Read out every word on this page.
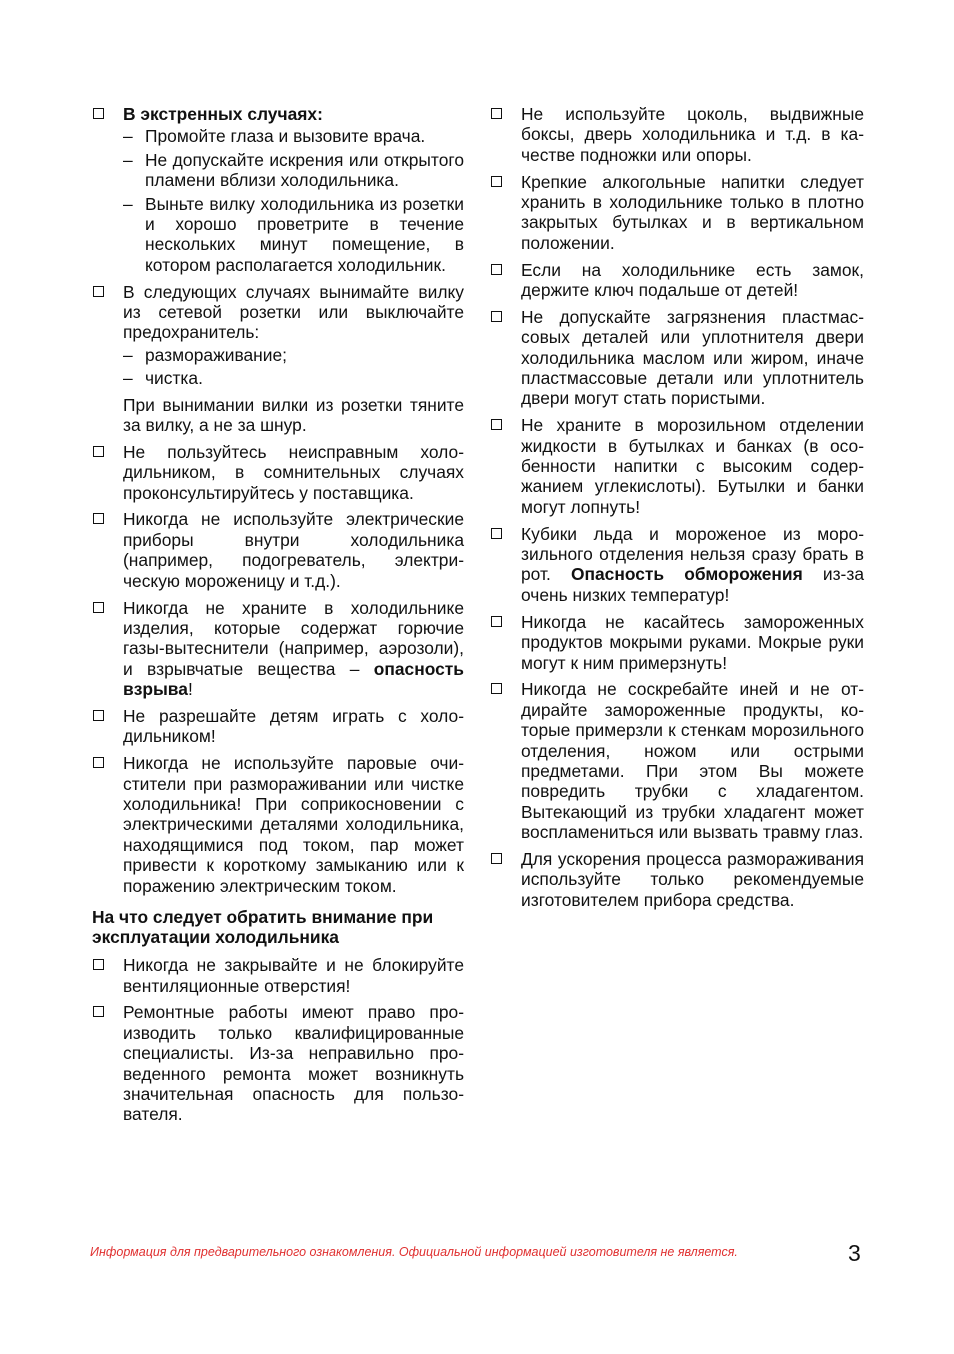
В экстренных случаях:

– Промойте глаза и вызовите врача.
– Не допускайте искрения или открытого пламени вблизи холодильника.
– Выньте вилку холодильника из розетки и хорошо проветрите в течение нескольких минут помещение, в котором располагается холодильник.

В следующих случаях вынимайте вилку из сетевой розетки или выключайте предохранитель:

– размораживание;
– чистка.

При вынимании вилки из розетки тяните за вилку, а не за шнур.

Не пользуйтесь неисправным холодильником, в сомнительных случаях проконсультируйтесь у поставщика.

Никогда не используйте электрические приборы внутри холодильника (например, подогреватель, электрическую мороженицу и т.д.).

Никогда не храните в холодильнике изделия, которые содержат горючие газы-вытеснители (например, аэрозоли), и взрывчатые вещества – опасность взрыва!

Не разрешайте детям играть с холодильником!

Никогда не используйте паровые очистители при размораживании или чистке холодильника! При соприкосновении с электрическими деталями холодильника, находящимися под током, пар может привести к короткому замыканию или к поражению электрическим током.

На что следует обратить внимание при эксплуатации холодильника

Никогда не закрывайте и не блокируйте вентиляционные отверстия!

Ремонтные работы имеют право производить только квалифицированные специалисты. Из-за неправильно проведенного ремонта может возникнуть значительная опасность для пользователя.

Не используйте цоколь, выдвижные боксы, дверь холодильника и т.д. в качестве подножки или опоры.

Крепкие алкогольные напитки следует хранить в холодильнике только в плотно закрытых бутылках и в вертикальном положении.

Если на холодильнике есть замок, держите ключ подальше от детей!

Не допускайте загрязнения пластмассовых деталей или уплотнителя двери холодильника маслом или жиром, иначе пластмассовые детали или уплотнитель двери могут стать пористыми.

Не храните в морозильном отделении жидкости в бутылках и банках (в особенности напитки с высоким содержанием углекислоты). Бутылки и банки могут лопнуть!

Кубики льда и мороженое из морозильного отделения нельзя сразу брать в рот. Опасность обморожения из-за очень низких температур!

Никогда не касайтесь замороженных продуктов мокрыми руками. Мокрые руки могут к ним примерзнуть!

Никогда не соскребайте иней и не отдирайте замороженные продукты, которые примерзли к стенкам морозильного отделения, ножом или острыми предметами. При этом Вы можете повредить трубки с хладагентом. Вытекающий из трубки хладагент может воспламениться или вызвать травму глаз.

Для ускорения процесса размораживания используйте только рекомендуемые изготовителем прибора средства.

Информация для предварительного ознакомления. Официальной информацией изготовителя не является.	3
